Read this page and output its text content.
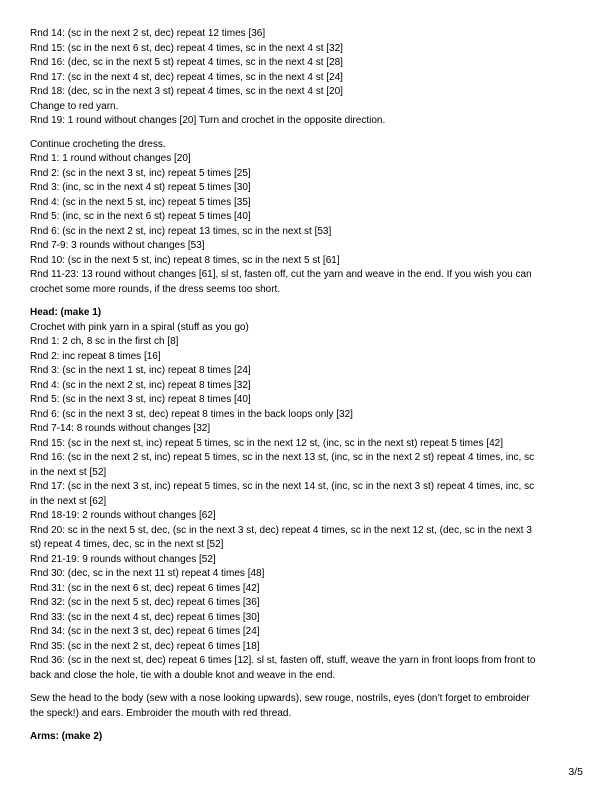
Rnd 14: (sc in the next 2 st, dec) repeat 12 times [36]
Rnd 15: (sc in the next 6 st, dec) repeat 4 times, sc in the next 4 st [32]
Rnd 16: (dec, sc in the next 5 st) repeat 4 times, sc in the next 4 st [28]
Rnd 17: (sc in the next 4 st, dec) repeat 4 times, sc in the next 4 st [24]
Rnd 18: (dec, sc in the next 3 st) repeat 4 times, sc in the next 4 st [20]
Change to red yarn.
Rnd 19: 1 round without changes [20] Turn and crochet in the opposite direction.
Continue crocheting the dress.
Rnd 1: 1 round without changes [20]
Rnd 2: (sc in the next 3 st, inc) repeat 5 times [25]
Rnd 3: (inc, sc in the next 4 st) repeat 5 times [30]
Rnd 4: (sc in the next 5 st, inc) repeat 5 times [35]
Rnd 5: (inc, sc in the next 6 st) repeat 5 times [40]
Rnd 6: (sc in the next 2 st, inc) repeat 13 times, sc in the next st [53]
Rnd 7-9: 3 rounds without changes [53]
Rnd 10: (sc in the next 5 st, inc) repeat 8 times, sc in the next 5 st [61]
Rnd 11-23: 13 round without changes [61], sl st, fasten off, cut the yarn and weave in the end. If you wish you can
crochet some more rounds, if the dress seems too short.
Head: (make 1)
Crochet with pink yarn in a spiral (stuff as you go)
Rnd 1: 2 ch, 8 sc in the first ch [8]
Rnd 2: inc repeat 8 times [16]
Rnd 3: (sc in the next 1 st, inc) repeat 8 times [24]
Rnd 4: (sc in the next 2 st, inc) repeat 8 times [32]
Rnd 5: (sc in the next 3 st, inc) repeat 8 times [40]
Rnd 6: (sc in the next 3 st, dec) repeat 8 times in the back loops only [32]
Rnd 7-14: 8 rounds without changes [32]
Rnd 15: (sc in the next st, inc) repeat 5 times, sc in the next 12 st, (inc, sc in the next st) repeat 5 times [42]
Rnd 16: (sc in the next 2 st, inc) repeat 5 times, sc in the next 13 st, (inc, sc in the next 2 st) repeat 4 times, inc, sc
in the next st [52]
Rnd 17: (sc in the next 3 st, inc) repeat 5 times, sc in the next 14 st, (inc, sc in the next 3 st) repeat 4 times, inc, sc
in the next st [62]
Rnd 18-19: 2 rounds without changes [62]
Rnd 20: sc in the next 5 st, dec, (sc in the next 3 st, dec) repeat 4 times, sc in the next 12 st, (dec, sc in the next 3
st) repeat 4 times, dec, sc in the next st [52]
Rnd 21-19: 9 rounds without changes [52]
Rnd 30: (dec, sc in the next 11 st) repeat 4 times [48]
Rnd 31: (sc in the next 6 st, dec) repeat 6 times [42]
Rnd 32: (sc in the next 5 st, dec) repeat 6 times [36]
Rnd 33: (sc in the next 4 st, dec) repeat 6 times [30]
Rnd 34: (sc in the next 3 st, dec) repeat 6 times [24]
Rnd 35: (sc in the next 2 st, dec) repeat 6 times [18]
Rnd 36: (sc in the next st, dec) repeat 6 times [12]. sl st, fasten off, stuff, weave the yarn in front loops from front to
back and close the hole, tie with a double knot and weave in the end.
Sew the head to the body (sew with a nose looking upwards), sew rouge, nostrils, eyes (don’t forget to embroider
the speck!) and ears. Embroider the mouth with red thread.
Arms: (make 2)
3/5
